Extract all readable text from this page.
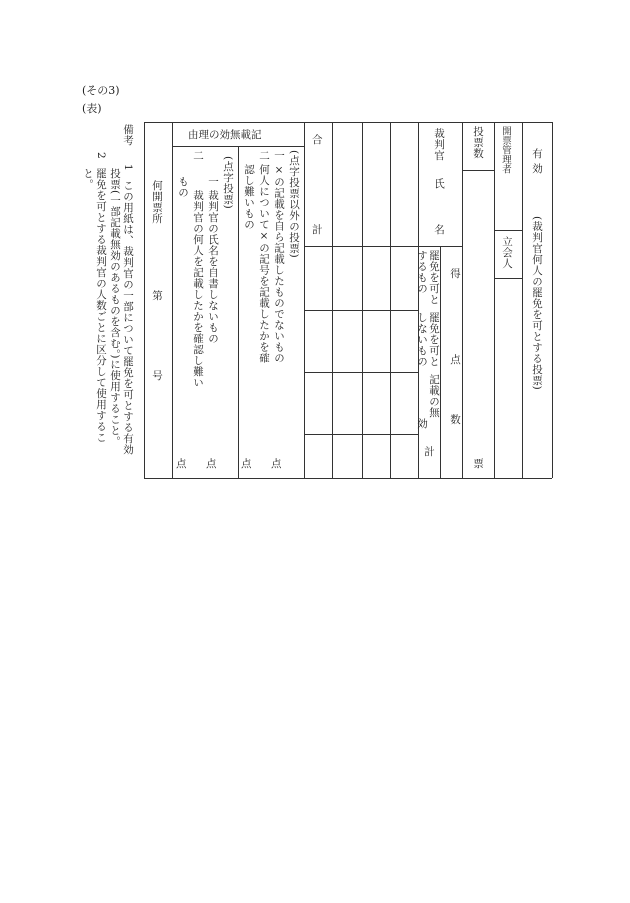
(その3)
(表)
備考
1
この用紙は、裁判官の一部について罷免を可とする有効
投票(一部記載無効のあるものを含む。)に使用すること。
2
罷免を可とする裁判官の人数ごとに区分して使用するこ
と。
何開票所
第
号
由理の効無載記
(点字投票以外の投票)
一
×の記載を自ら記載したものでないもの
二
何人について×の記号を記載したかを確
認し難いもの
(点字投票)
一
裁判官の氏名を自書しないもの
二
裁判官の何人を記載したかを確認し難い
もの
点 点 点 点
合
計
裁判官
氏
名
罷免を可と
するもの
罷免を可と
しないもの
記載の無
効
計
得
点
数
投票数
票
開票管理者
立会人
有 効
(裁判官何人の罷免を可とする投票)
